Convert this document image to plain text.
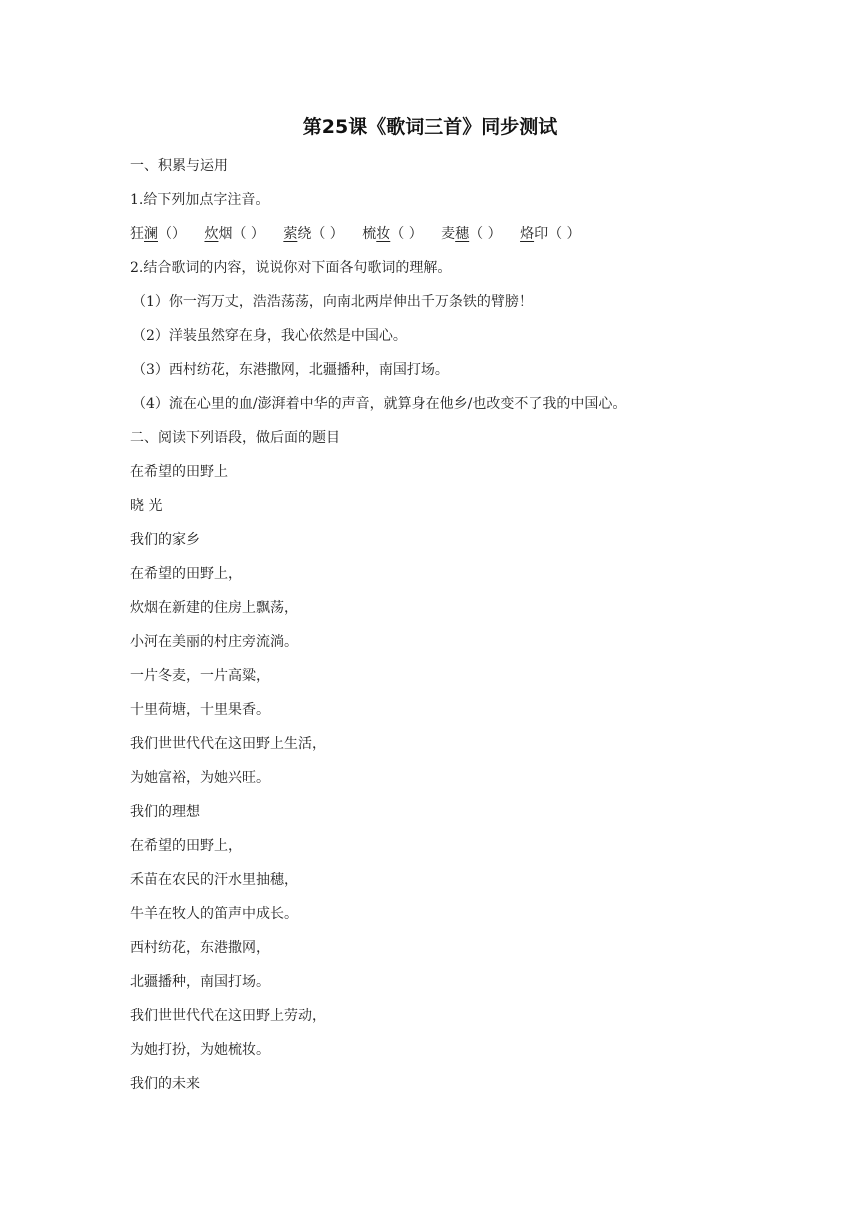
第25课《歌词三首》同步测试
一、积累与运用
1.给下列加点字注音。
狂澜（） 炊烟（ ） 萦绕（ ） 梳妆（ ） 麦穗（ ） 烙印（ ）
2.结合歌词的内容，说说你对下面各句歌词的理解。
（1）你一泻万丈，浩浩荡荡，向南北两岸伸出千万条铁的臂膀！
（2）洋装虽然穿在身，我心依然是中国心。
（3）西村纺花，东港撒网，北疆播种，南国打场。
（4）流在心里的血/澎湃着中华的声音，就算身在他乡/也改变不了我的中国心。
二、阅读下列语段，做后面的题目
在希望的田野上
晓 光
我们的家乡
在希望的田野上，
炊烟在新建的住房上飘荡，
小河在美丽的村庄旁流淌。
一片冬麦，一片高粱，
十里荷塘，十里果香。
我们世世代代在这田野上生活，
为她富裕，为她兴旺。
我们的理想
在希望的田野上，
禾苗在农民的汗水里抽穗，
牛羊在牧人的笛声中成长。
西村纺花，东港撒网，
北疆播种，南国打场。
我们世世代代在这田野上劳动，
为她打扮，为她梳妆。
我们的未来
